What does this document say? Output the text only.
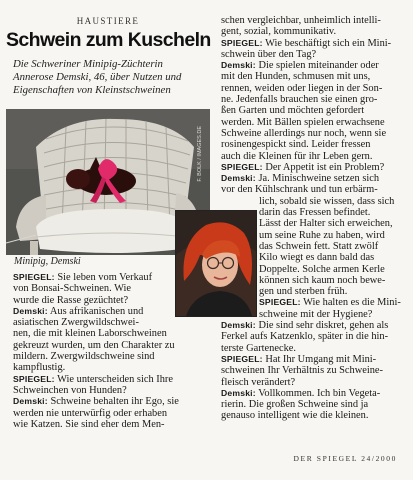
HAUSTIERE
Schwein zum Kuscheln
Die Schweriner Minipig-Züchterin
Annerose Demski, 46, über Nutzen und
Eigenschaften von Kleinstschweinen
F. BOLK / IMAGES.DE
Minipig, Demski
SPIEGEL: Sie leben vom Verkauf
von Bonsai-Schweinen. Wie
wurde die Rasse gezüchtet?
Demski: Aus afrikanischen und
asiatischen Zwergwildschwei-
nen, die mit kleinen Laborschweinen
gekreuzt wurden, um den Charakter zu
mildern. Zwergwildschweine sind
kampflustig.
SPIEGEL: Wie unterscheiden sich Ihre
Schweinchen von Hunden?
Demski: Schweine behalten ihr Ego, sie
werden nie unterwürfig oder erhaben
wie Katzen. Sie sind eher dem Men-
schen vergleichbar, unheimlich intelli-
gent, sozial, kommunikativ.
SPIEGEL: Wie beschäftigt sich ein Mini-
schwein über den Tag?
Demski: Die spielen miteinander oder
mit den Hunden, schmusen mit uns,
rennen, weiden oder liegen in der Son-
ne. Jedenfalls brauchen sie einen gro-
ßen Garten und möchten gefordert
werden. Mit Bällen spielen erwachsene
Schweine allerdings nur noch, wenn sie
rosinengespickt sind. Leider fressen
auch die Kleinen für ihr Leben gern.
SPIEGEL: Der Appetit ist ein Problem?
Demski: Ja. Minischweine setzen sich
vor den Kühlschrank und tun erbärm-
lich, sobald sie wissen, dass sich
darin das Fressen befindet.
Lässt der Halter sich erweichen,
um seine Ruhe zu haben, wird
das Schwein fett. Statt zwölf
Kilo wiegt es dann bald das
Doppelte. Solche armen Kerle
können sich kaum noch bewe-
gen und sterben früh.
SPIEGEL: Wie halten es die Mini-
schweine mit der Hygiene?
Demski: Die sind sehr diskret, gehen als
Ferkel aufs Katzenklo, später in die hin-
terste Gartenecke.
SPIEGEL: Hat Ihr Umgang mit Mini-
schweinen Ihr Verhältnis zu Schweine-
fleisch verändert?
Demski: Vollkommen. Ich bin Vegeta-
rierin. Die großen Schweine sind ja
genauso intelligent wie die kleinen.
DER SPIEGEL 24/2000
